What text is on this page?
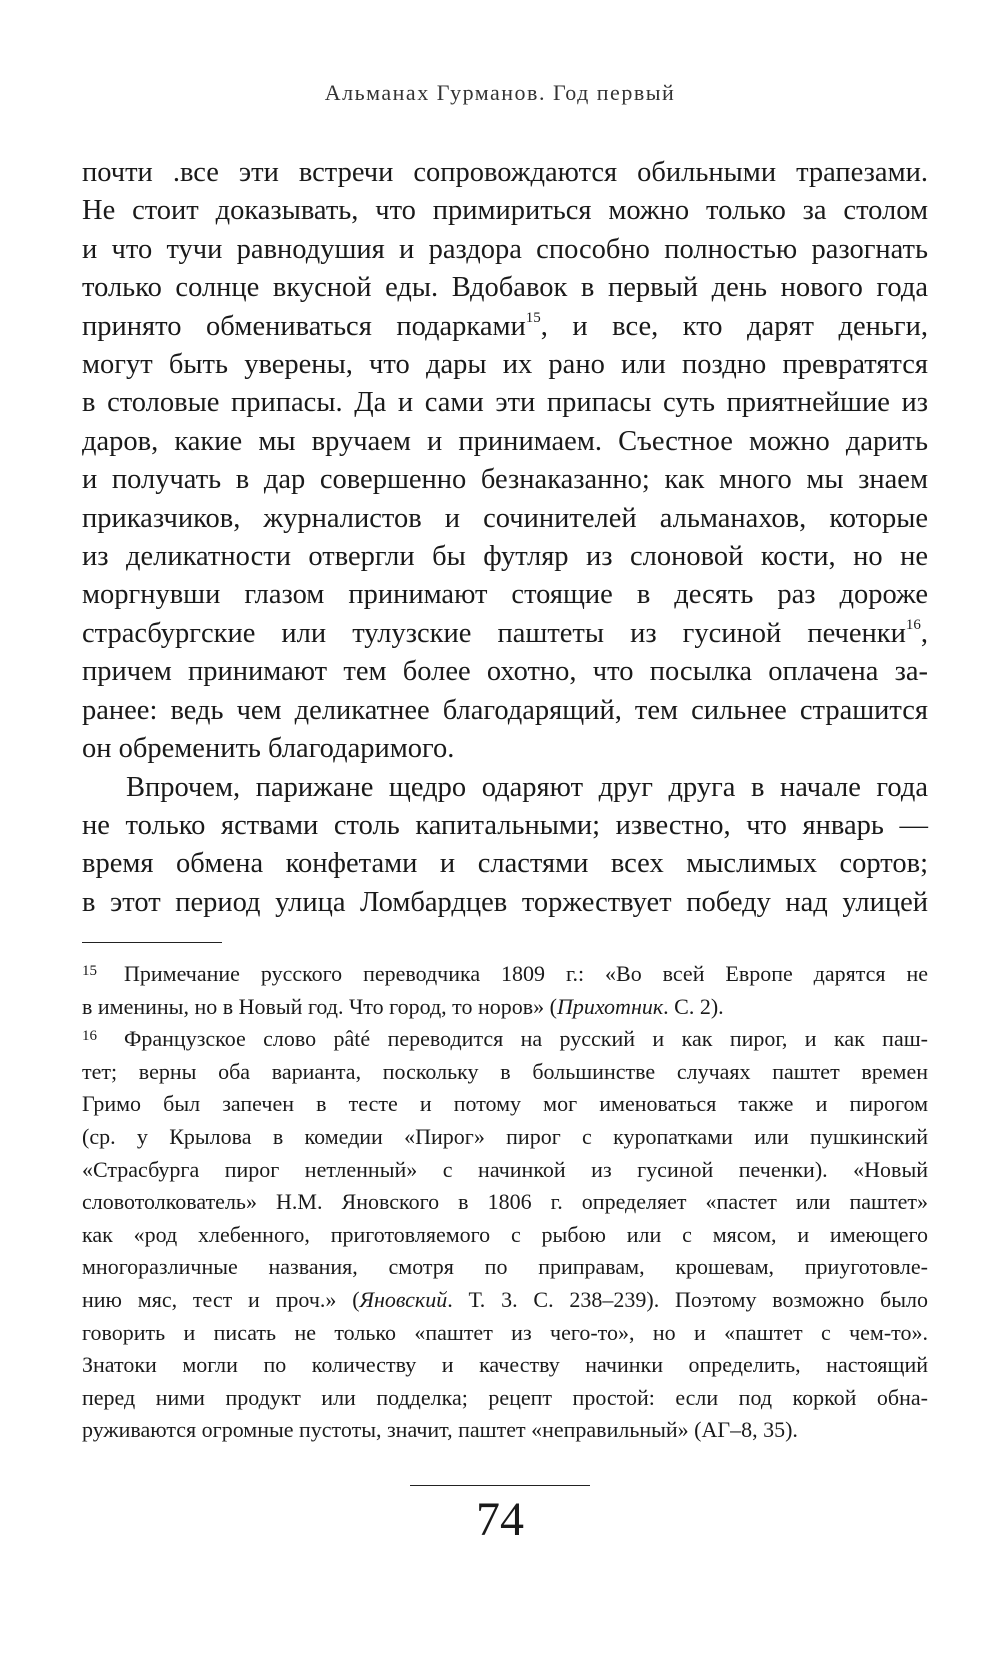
Альманах Гурманов. Год первый
почти .все эти встречи сопровождаются обильными трапезами.
Не стоит доказывать, что примириться можно только за столом
и что тучи равнодушия и раздора способно полностью разогнать
только солнце вкусной еды. Вдобавок в первый день нового года
принято обмениваться подарками$^{15}$, и все, кто дарят деньги,
могут быть уверены, что дары их рано или поздно превратятся
в столовые припасы. Да и сами эти припасы суть приятнейшие из
даров, какие мы вручаем и принимаем. Съестное можно дарить
и получать в дар совершенно безнаказанно; как много мы знаем
приказчиков, журналистов и сочинителей альманахов, которые
из деликатности отвергли бы футляр из слоновой кости, но не
моргнувши глазом принимают стоящие в десять раз дороже
страсбургские или тулузские паштеты из гусиной печенки$^{16}$,
причем принимают тем более охотно, что посылка оплачена за-
ранее: ведь чем деликатнее благодарящий, тем сильнее страшится
он обременить благодаримого.
Впрочем, парижане щедро одаряют друг друга в начале года
не только яствами столь капитальными; известно, что январь —
время обмена конфетами и сластями всех мыслимых сортов;
в этот период улица Ломбардцев торжествует победу над улицей
15 Примечание русского переводчика 1809 г.: «Во всей Европе дарятся не
в именины, но в Новый год. Что город, то норов» (Прихотник. С. 2).
16 Французское слово pâté переводится на русский и как пирог, и как паш-
тет; верны оба варианта, поскольку в большинстве случаях паштет времен
Гримо был запечен в тесте и потому мог именоваться также и пирогом
(ср. у Крылова в комедии «Пирог» пирог с куропатками или пушкинский
«Страсбурга пирог нетленный» с начинкой из гусиной печенки). «Новый
словотолкователь» Н.М. Яновского в 1806 г. определяет «пастет или паштет»
как «род хлебенного, приготовляемого с рыбою или с мясом, и имеющего
многоразличные названия, смотря по приправам, крошевам, приуготовле-
нию мяс, тест и проч.» (Яновский. Т. 3. С. 238–239). Поэтому возможно было
говорить и писать не только «паштет из чего-то», но и «паштет с чем-то».
Знатоки могли по количеству и качеству начинки определить, настоящий
перед ними продукт или подделка; рецепт простой: если под коркой обна-
руживаются огромные пустоты, значит, паштет «неправильный» (АГ–8, 35).
74
